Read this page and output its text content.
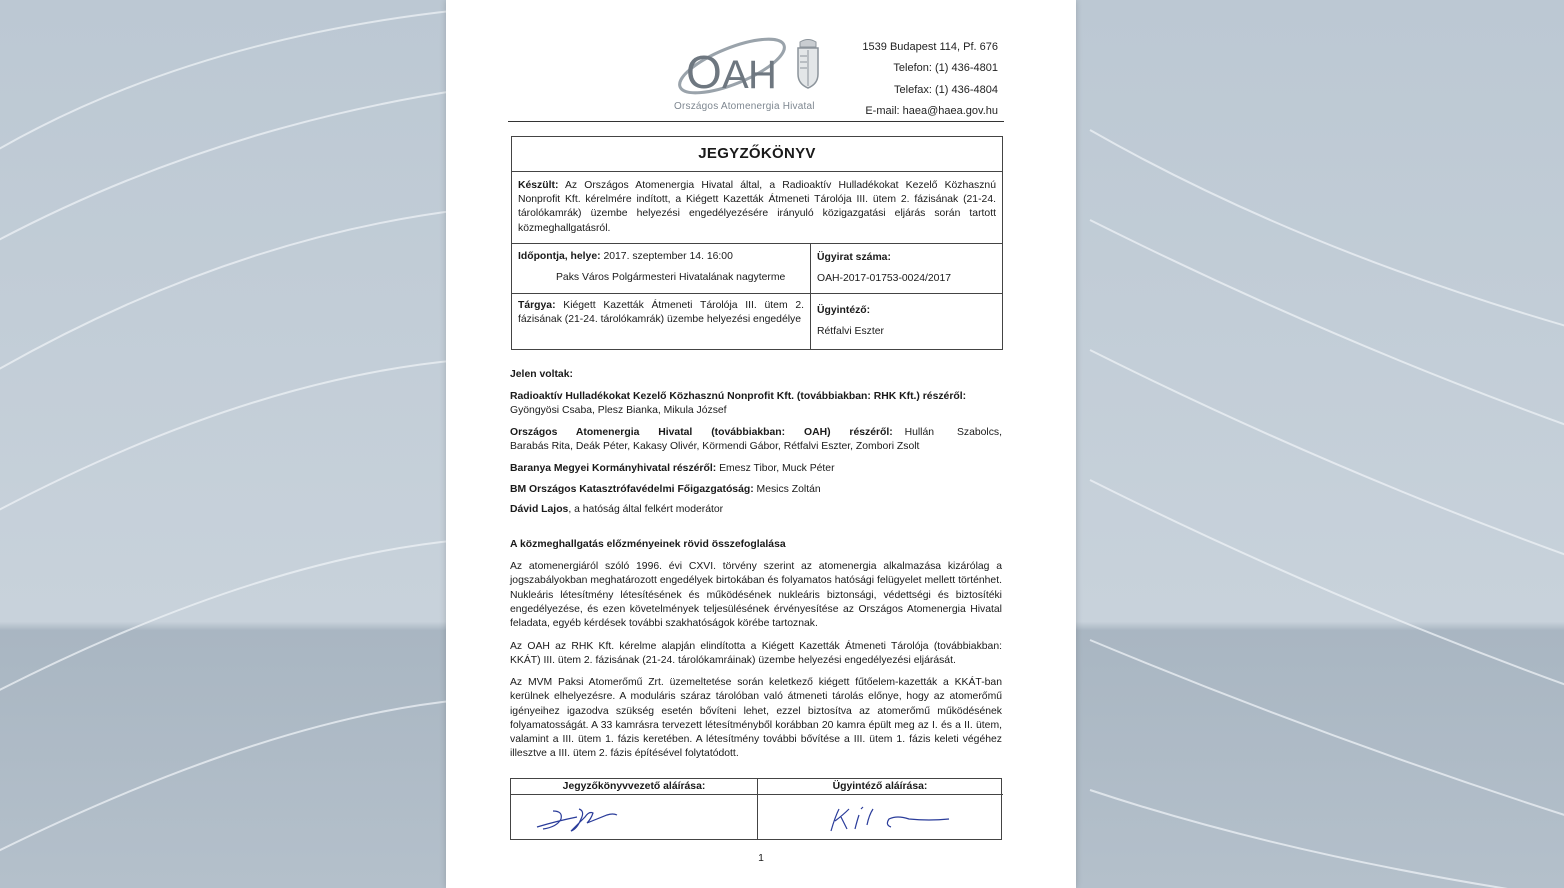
O A H
Országos Atomenergia Hivatal
1539 Budapest 114, Pf. 676
Telefon: (1) 436-4801
Telefax: (1) 436-4804
E-mail: haea@haea.gov.hu
JEGYZŐKÖNYV
Készült: Az Országos Atomenergia Hivatal által, a Radioaktív Hulladékokat Kezelő Közhasznú Nonprofit Kft. kérelmére indított, a Kiégett Kazetták Átmeneti Tárolója III. ütem 2. fázisának (21-24. tárolókamrák) üzembe helyezési engedélyezésére irányuló közigazgatási eljárás során tartott közmeghallgatásról.
Időpontja, helye: 2017. szeptember 14. 16:00
Paks Város Polgármesteri Hivatalának nagyterme
Ügyirat száma:
OAH-2017-01753-0024/2017
Tárgya: Kiégett Kazetták Átmeneti Tárolója III. ütem 2. fázisának (21-24. tárolókamrák) üzembe helyezési engedélye
Ügyintéző:
Rétfalvi Eszter
Jelen voltak:
Radioaktív Hulladékokat Kezelő Közhasznú Nonprofit Kft. (továbbiakban: RHK Kft.) részéről:
Gyöngyösi Csaba, Plesz Bianka, Mikula József
Országos Atomenergia Hivatal (továbbiakban: OAH) részéről: Hullán Szabolcs,
Barabás Rita, Deák Péter, Kakasy Olivér, Körmendi Gábor, Rétfalvi Eszter, Zombori Zsolt
Baranya Megyei Kormányhivatal részéről: Emesz Tibor, Muck Péter
BM Országos Katasztrófavédelmi Főigazgatóság: Mesics Zoltán
Dávid Lajos, a hatóság által felkért moderátor
A közmeghallgatás előzményeinek rövid összefoglalása
Az atomenergiáról szóló 1996. évi CXVI. törvény szerint az atomenergia alkalmazása kizárólag a jogszabályokban meghatározott engedélyek birtokában és folyamatos hatósági felügyelet mellett történhet. Nukleáris létesítmény létesítésének és működésének nukleáris biztonsági, védettségi és biztosítéki engedélyezése, és ezen követelmények teljesülésének érvényesítése az Országos Atomenergia Hivatal feladata, egyéb kérdések további szakhatóságok körébe tartoznak.
Az OAH az RHK Kft. kérelme alapján elindította a Kiégett Kazetták Átmeneti Tárolója (továbbiakban: KKÁT) III. ütem 2. fázisának (21-24. tárolókamráinak) üzembe helyezési engedélyezési eljárását.
Az MVM Paksi Atomerőmű Zrt. üzemeltetése során keletkező kiégett fűtőelem-kazetták a KKÁT-ban kerülnek elhelyezésre. A moduláris száraz tárolóban való átmeneti tárolás előnye, hogy az atomerőmű igényeihez igazodva szükség esetén bővíteni lehet, ezzel biztosítva az atomerőmű működésének folyamatosságát. A 33 kamrásra tervezett létesítményből korábban 20 kamra épült meg az I. és a II. ütem, valamint a III. ütem 1. fázis keretében. A létesítmény további bővítése a III. ütem 1. fázis keleti végéhez illesztve a III. ütem 2. fázis építésével folytatódott.
Jegyzőkönyvvezető aláírása:	Ügyintéző aláírása:
1
